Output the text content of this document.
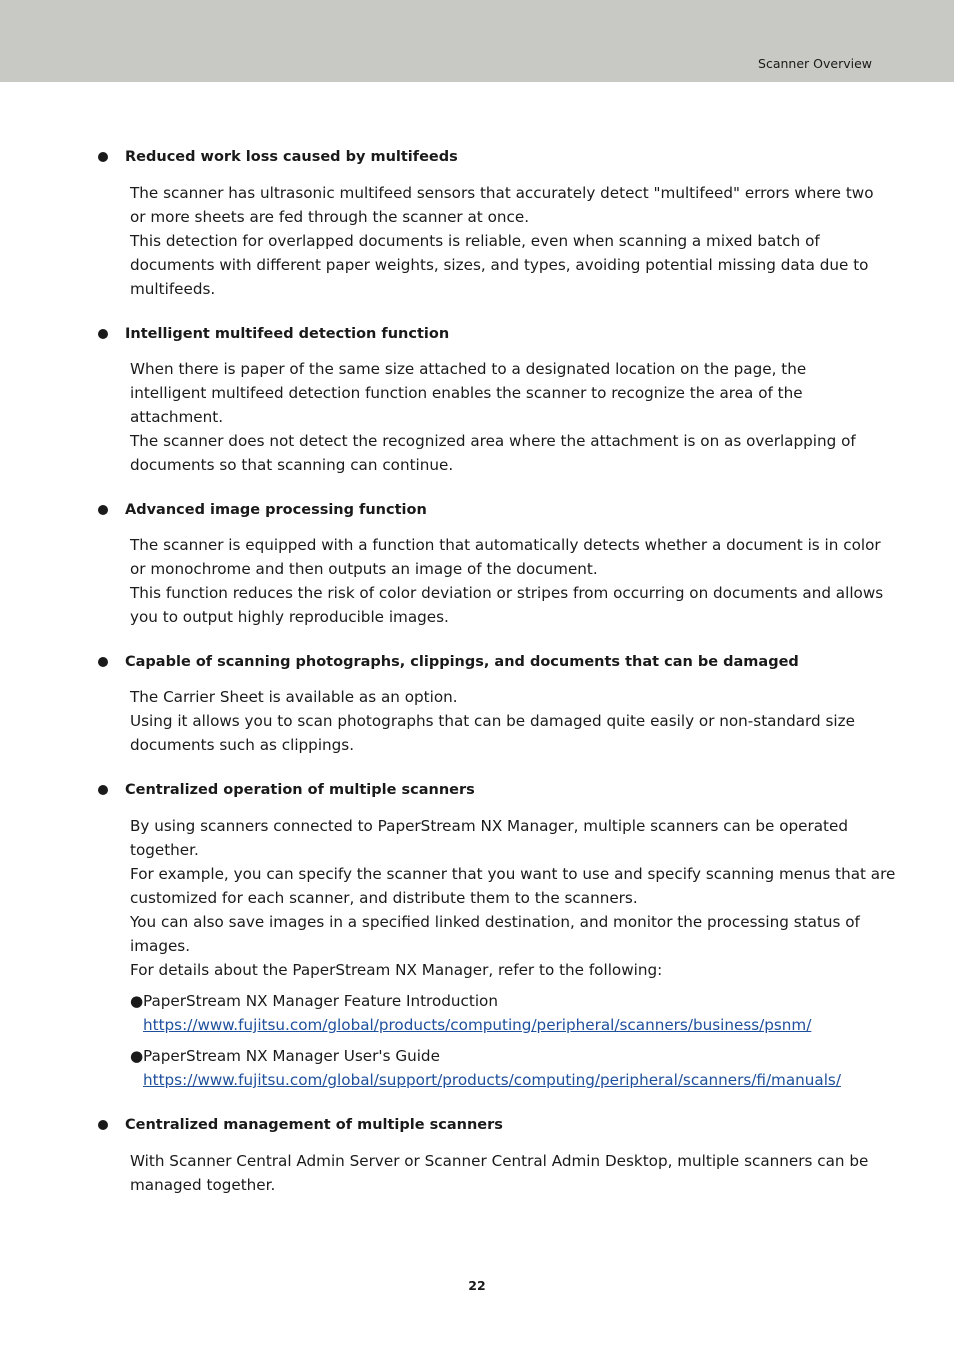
Scanner Overview
Reduced work loss caused by multifeeds
The scanner has ultrasonic multifeed sensors that accurately detect "multifeed" errors where two
or more sheets are fed through the scanner at once.
This detection for overlapped documents is reliable, even when scanning a mixed batch of
documents with different paper weights, sizes, and types, avoiding potential missing data due to
multifeeds.
Intelligent multifeed detection function
When there is paper of the same size attached to a designated location on the page, the
intelligent multifeed detection function enables the scanner to recognize the area of the
attachment.
The scanner does not detect the recognized area where the attachment is on as overlapping of
documents so that scanning can continue.
Advanced image processing function
The scanner is equipped with a function that automatically detects whether a document is in color
or monochrome and then outputs an image of the document.
This function reduces the risk of color deviation or stripes from occurring on documents and allows
you to output highly reproducible images.
Capable of scanning photographs, clippings, and documents that can be damaged
The Carrier Sheet is available as an option.
Using it allows you to scan photographs that can be damaged quite easily or non-standard size
documents such as clippings.
Centralized operation of multiple scanners
By using scanners connected to PaperStream NX Manager, multiple scanners can be operated
together.
For example, you can specify the scanner that you want to use and specify scanning menus that are
customized for each scanner, and distribute them to the scanners.
You can also save images in a specified linked destination, and monitor the processing status of
images.
For details about the PaperStream NX Manager, refer to the following:
●PaperStream NX Manager Feature Introduction
https://www.fujitsu.com/global/products/computing/peripheral/scanners/business/psnm/
●PaperStream NX Manager User's Guide
https://www.fujitsu.com/global/support/products/computing/peripheral/scanners/fi/manuals/
Centralized management of multiple scanners
With Scanner Central Admin Server or Scanner Central Admin Desktop, multiple scanners can be
managed together.
22
